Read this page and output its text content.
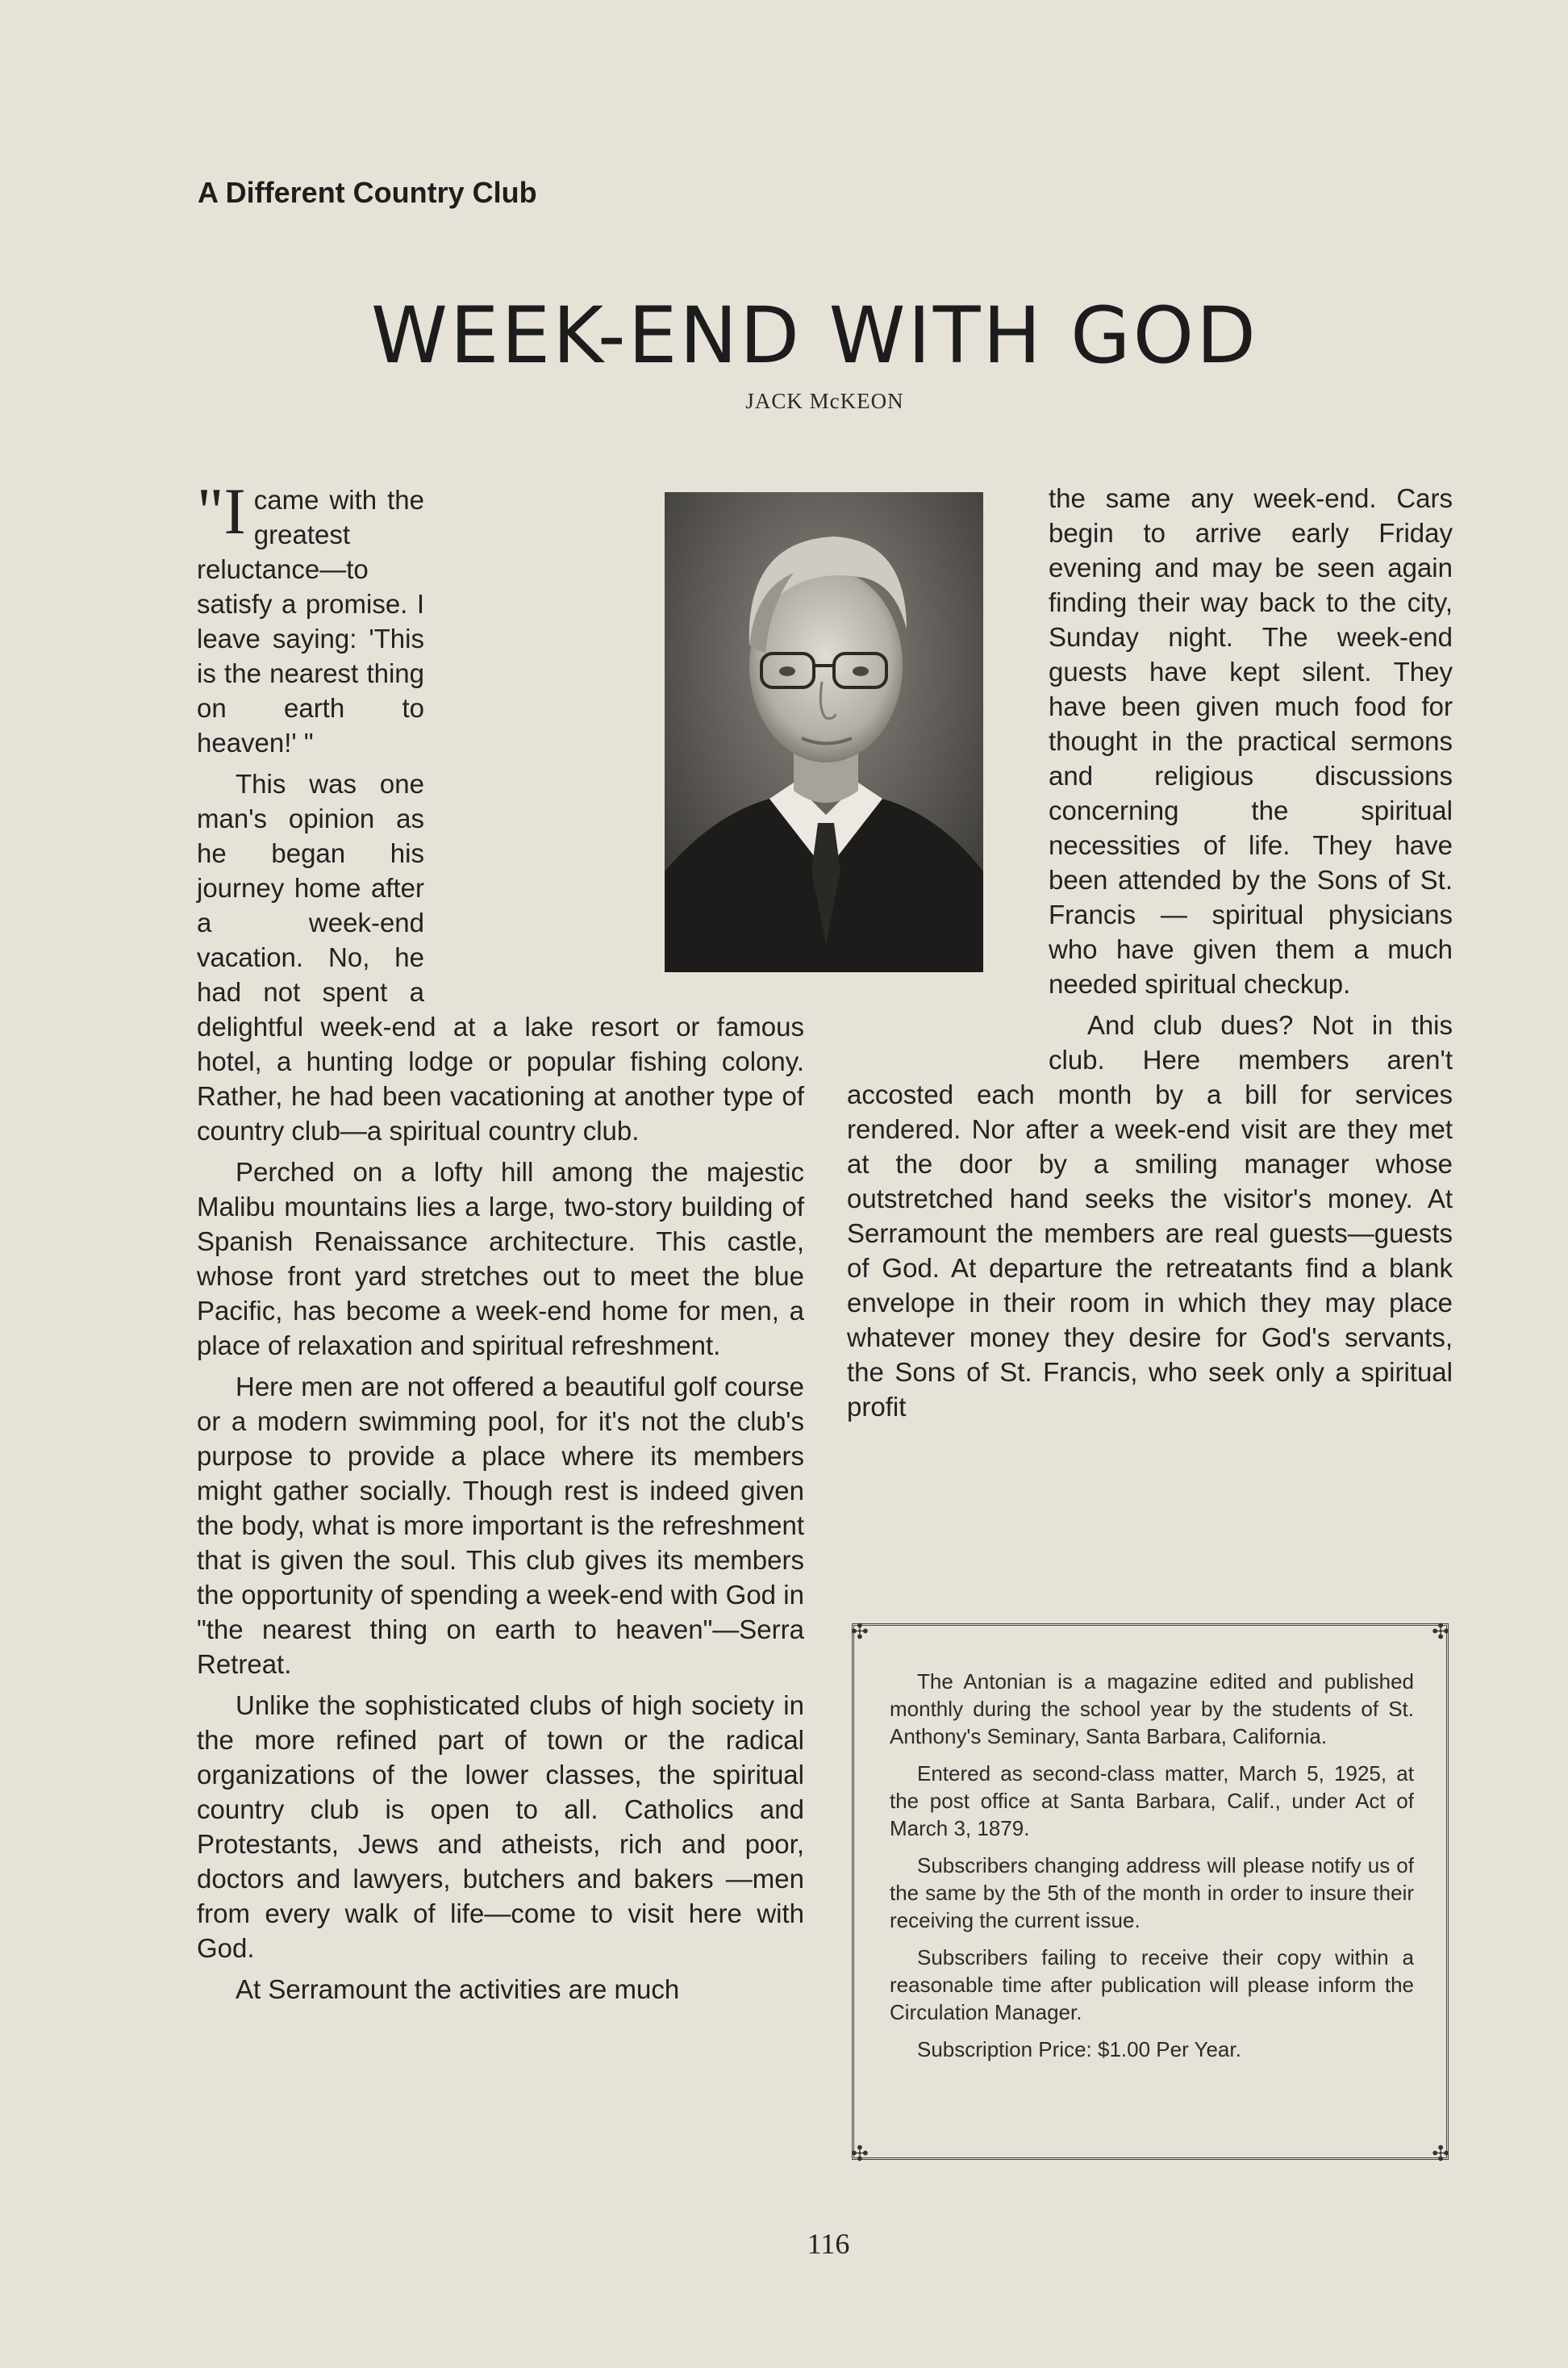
A Different Country Club
WEEK-END WITH GOD
JACK McKEON

"Icame with the greatest reluctance—to satisfy a promise. I leave saying: 'This is the nearest thing on earth to heaven!' "

This was one man's opinion as he began his journey home after a week-end vacation. No, he had not spent a delightful week-end at a lake resort or famous hotel, a hunting lodge or popular fishing colony. Rather, he had been vacationing at another type of country club—a spiritual country club.

Perched on a lofty hill among the majestic Malibu mountains lies a large, two-story building of Spanish Renaissance architecture. This castle, whose front yard stretches out to meet the blue Pacific, has become a week-end home for men, a place of relaxation and spiritual refreshment.

Here men are not offered a beautiful golf course or a modern swimming pool, for it's not the club's purpose to provide a place where its members might gather socially. Though rest is indeed given the body, what is more important is the refreshment that is given the soul. This club gives its members the opportunity of spending a week-end with God in "the nearest thing on earth to heaven"—Serra Retreat.

Unlike the sophisticated clubs of high society in the more refined part of town or the radical organizations of the lower classes, the spiritual country club is open to all. Catholics and Protestants, Jews and atheists, rich and poor, doctors and lawyers, butchers and bakers —men from every walk of life—come to visit here with God.

At Serramount the activities are much

the same any week-end. Cars begin to arrive early Friday evening and may be seen again finding their way back to the city, Sunday night. The week-end guests have kept silent. They have been given much food for thought in the practical sermons and religious discussions concerning the spiritual necessities of life. They have been attended by the Sons of St. Francis — spiritual physicians who have given them a much needed spiritual checkup.

And club dues? Not in this club. Here members aren't accosted each month by a bill for services rendered. Nor after a week-end visit are they met at the door by a smiling manager whose outstretched hand seeks the visitor's money. At Serramount the members are real guests—guests of God. At departure the retreatants find a blank envelope in their room in which they may place whatever money they desire for God's servants, the Sons of St. Francis, who seek only a spiritual profit

✣	✣
✣	✣

The Antonian is a magazine edited and published monthly during the school year by the students of St. Anthony's Seminary, Santa Barbara, California.

Entered as second-class matter, March 5, 1925, at the post office at Santa Barbara, Calif., under Act of March 3, 1879.

Subscribers changing address will please notify us of the same by the 5th of the month in order to insure their receiving the current issue.

Subscribers failing to receive their copy within a reasonable time after publication will please inform the Circulation Manager.

Subscription Price: $1.00 Per Year.

116
